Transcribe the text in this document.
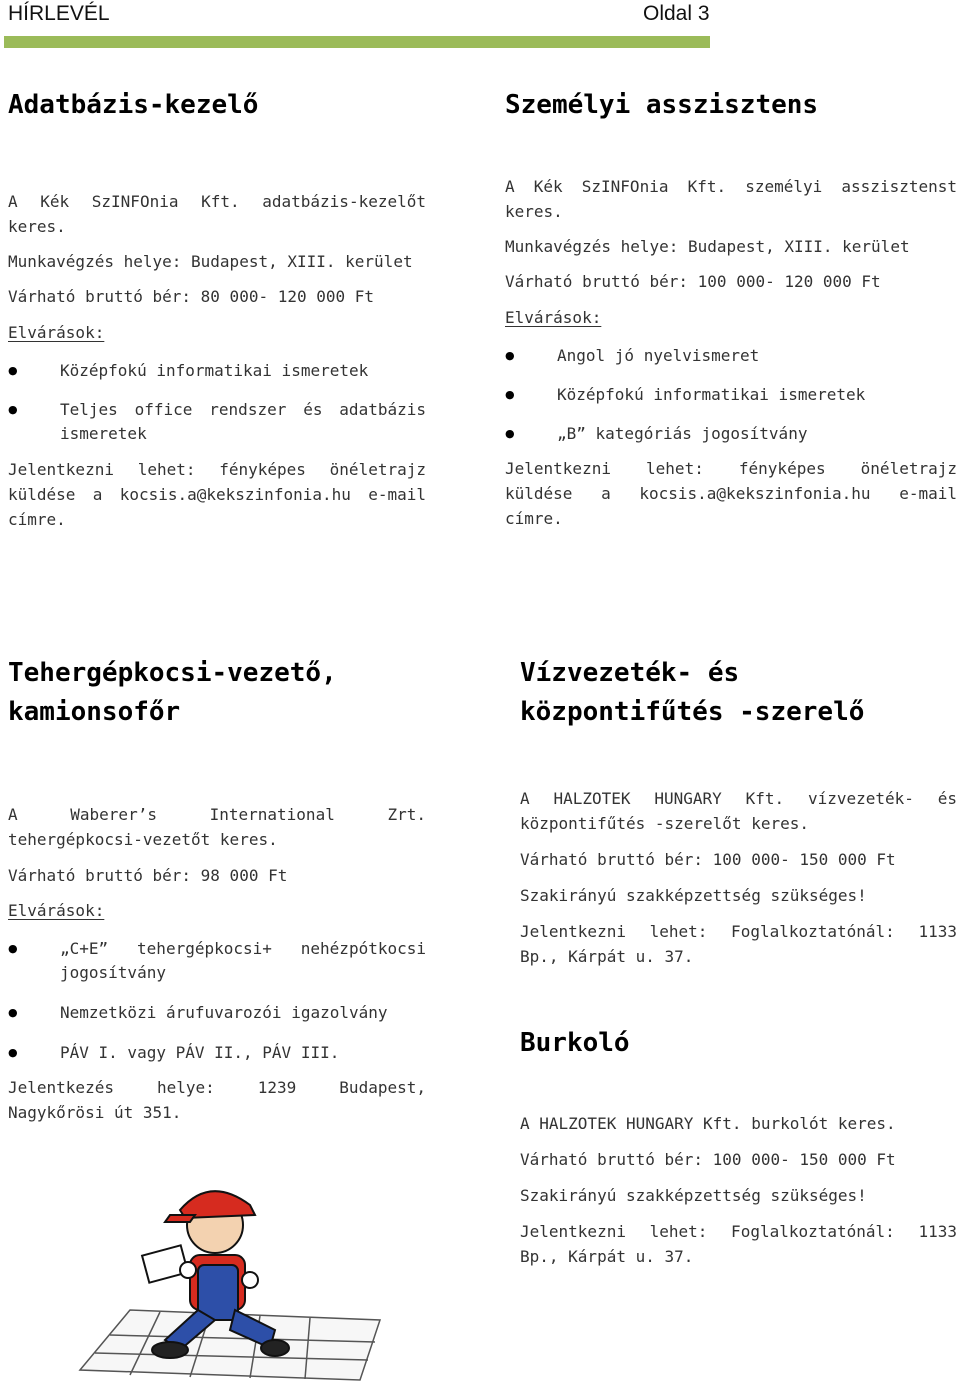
HÍRLEVÉL	Oldal 3
Adatbázis-kezelő

A Kék SzINFOnia Kft. adatbázis-kezelőt keres.

Munkavégzés helye: Budapest, XIII. kerület

Várható bruttó bér: 80 000- 120 000 Ft

Elvárások:

● Középfokú informatikai ismeretek
● Teljes office rendszer és adatbázis ismeretek

Jelentkezni lehet: fényképes önéletrajz küldése a kocsis.a@kekszinfonia.hu e-mail címre.

Személyi asszisztens

A Kék SzINFOnia Kft. személyi asszisztenst keres.

Munkavégzés helye: Budapest, XIII. kerület

Várható bruttó bér: 100 000- 120 000 Ft

Elvárások:

● Angol jó nyelvismeret
● Középfokú informatikai ismeretek
● „B” kategóriás jogosítvány

Jelentkezni lehet: fényképes önéletrajz küldése a kocsis.a@kekszinfonia.hu e-mail címre.

Tehergépkocsi-vezető, kamionsofőr

A Waberer’s International Zrt. tehergépkocsi-vezetőt keres.

Várható bruttó bér: 98 000 Ft

Elvárások:

● „C+E” tehergépkocsi+ nehézpótkocsi jogosítvány
● Nemzetközi árufuvarozói igazolvány
● PÁV I. vagy PÁV II., PÁV III.

Jelentkezés helye: 1239 Budapest, Nagykőrösi út 351.

Vízvezeték- és központifűtés -szerelő

A HALZOTEK HUNGARY Kft. vízvezeték- és központifűtés -szerelőt keres.

Várható bruttó bér: 100 000- 150 000 Ft

Szakirányú szakképzettség szükséges!

Jelentkezni lehet: Foglalkoztatónál: 1133 Bp., Kárpát u. 37.

Burkoló

A HALZOTEK HUNGARY Kft. burkolót keres.

Várható bruttó bér: 100 000- 150 000 Ft

Szakirányú szakképzettség szükséges!

Jelentkezni lehet: Foglalkoztatónál: 1133 Bp., Kárpát u. 37.
